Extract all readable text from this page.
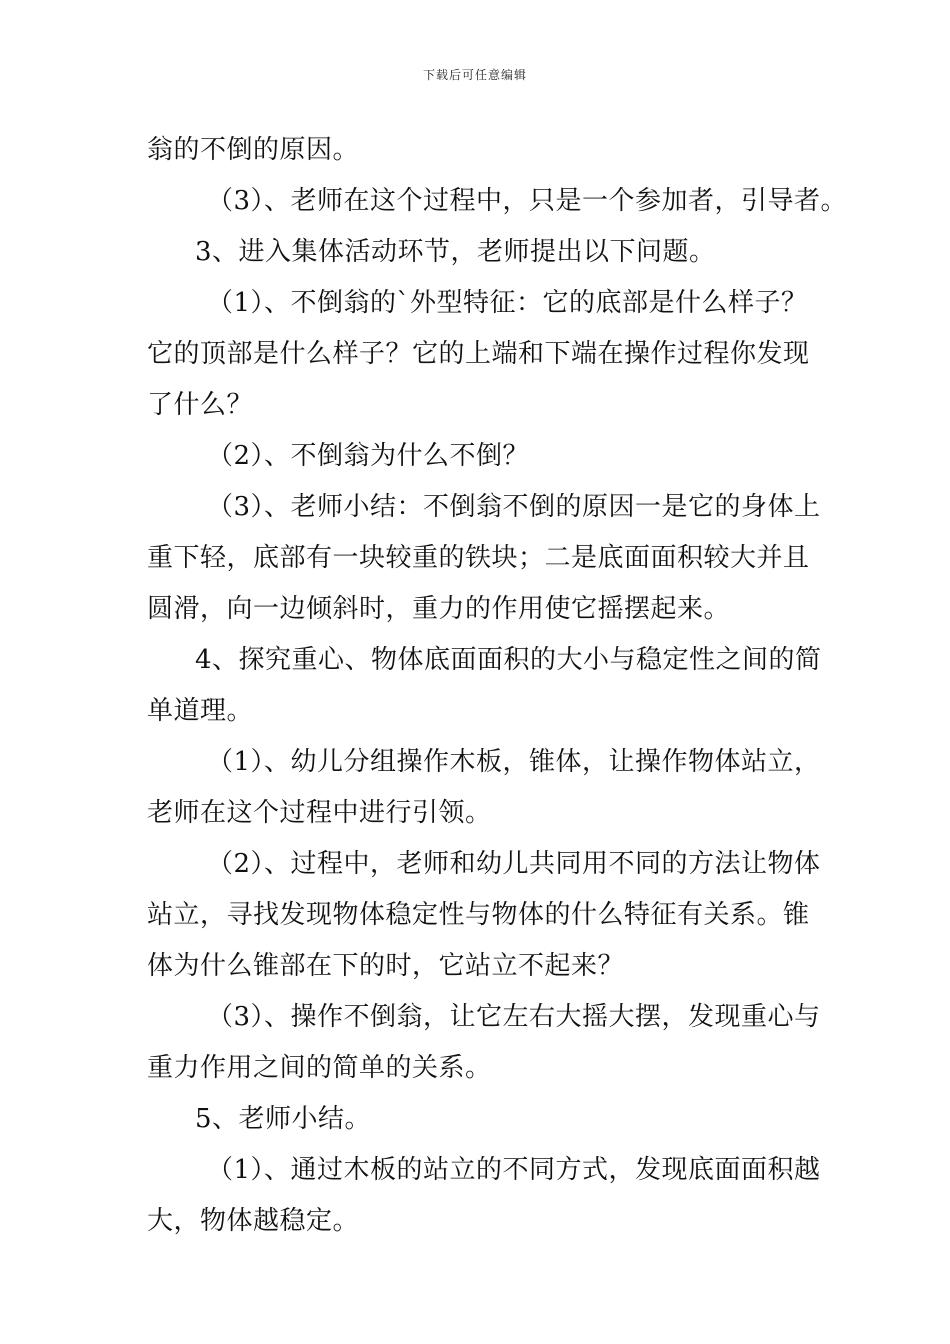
下载后可任意编辑
翁的不倒的原因。
（3）、老师在这个过程中，只是一个参加者，引导者。
3、进入集体活动环节，老师提出以下问题。
（1）、不倒翁的`外型特征：它的底部是什么样子？
它的顶部是什么样子？它的上端和下端在操作过程你发现
了什么？
（2）、不倒翁为什么不倒？
（3）、老师小结：不倒翁不倒的原因一是它的身体上
重下轻，底部有一块较重的铁块；二是底面面积较大并且
圆滑，向一边倾斜时，重力的作用使它摇摆起来。
4、探究重心、物体底面面积的大小与稳定性之间的简
单道理。
（1）、幼儿分组操作木板，锥体，让操作物体站立，
老师在这个过程中进行引领。
（2）、过程中，老师和幼儿共同用不同的方法让物体
站立，寻找发现物体稳定性与物体的什么特征有关系。锥
体为什么锥部在下的时，它站立不起来？
（3）、操作不倒翁，让它左右大摇大摆，发现重心与
重力作用之间的简单的关系。
5、老师小结。
（1）、通过木板的站立的不同方式，发现底面面积越
大，物体越稳定。
